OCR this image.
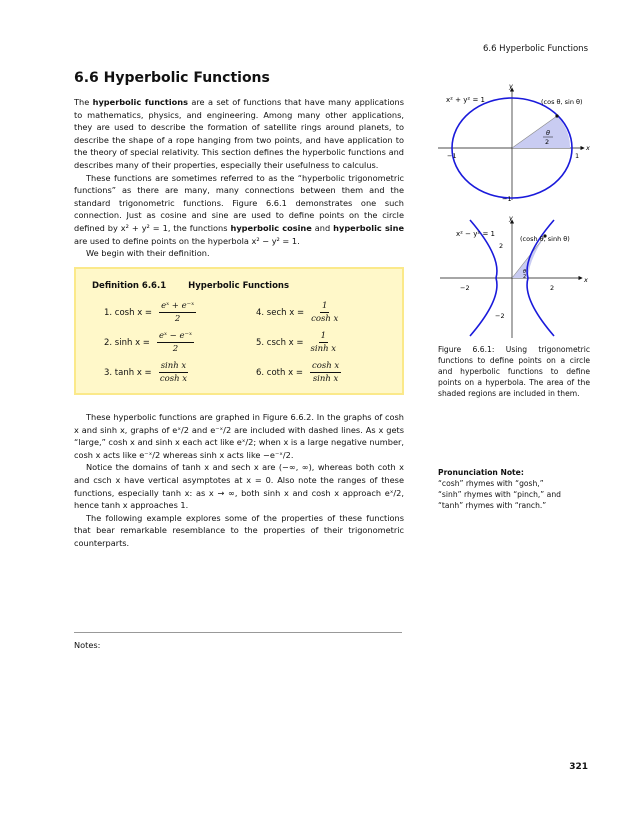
6.6 Hyperbolic Functions
6.6 Hyperbolic Functions

The hyperbolic functions are a set of functions that have many applications to mathematics, physics, and engineering. Among many other applications, they are used to describe the formation of satellite rings around planets, to describe the shape of a rope hanging from two points, and have application to the theory of special relativity. This section defines the hyperbolic functions and describes many of their properties, especially their usefulness to calculus.

These functions are sometimes referred to as the “hyperbolic trigonometric functions” as there are many, many connections between them and the standard trigonometric functions. Figure 6.6.1 demonstrates one such connection. Just as cosine and sine are used to define points on the circle defined by x² + y² = 1, the functions hyperbolic cosine and hyperbolic sine are used to define points on the hyperbola x² − y² = 1.

We begin with their definition.

Definition 6.6.1	Hyperbolic Functions
1. $\cosh x = \frac{\text{eˣ + e⁻ˣ}}{2}$
2. $\sinh x = \frac{\text{eˣ − e⁻ˣ}}{2}$
3. $\tanh x = \frac{\text{sinh x}}{\text{cosh x}}$
4. sech $x = \frac{1}{\text{cosh x}}$
5. csch $x = \frac{1}{\text{sinh x}}$
6. coth $x = \frac{\text{cosh x}}{\text{sinh x}}$

These hyperbolic functions are graphed in Figure 6.6.2. In the graphs of cosh x and sinh x, graphs of eˣ/2 and e⁻ˣ/2 are included with dashed lines. As x gets “large,” cosh x and sinh x each act like eˣ/2; when x is a large negative number, cosh x acts like e⁻ˣ/2 whereas sinh x acts like −e⁻ˣ/2.

Notice the domains of tanh x and sech x are (−∞, ∞), whereas both coth x and csch x have vertical asymptotes at x = 0. Also note the ranges of these functions, especially tanh x: as x → ∞, both sinh x and cosh x approach eˣ/2, hence tanh x approaches 1.

The following example explores some of the properties of these functions that bear remarkable resemblance to the properties of their trigonometric counterparts.

x² + y² = 1	(cos θ, sin θ)
θ
2
−1	1
−1
x
y
x² − y² = 1
(cosh θ, sinh θ)
θ
2
−2	2
2
−2
x
y
Figure 6.6.1: Using trigonometric functions to define points on a circle and hyperbolic functions to define points on a hyperbola. The area of the shaded regions are included in them.
Pronunciation Note:
“cosh” rhymes with “gosh,”
“sinh” rhymes with “pinch,” and
“tanh” rhymes with “ranch.”
Notes:
321
